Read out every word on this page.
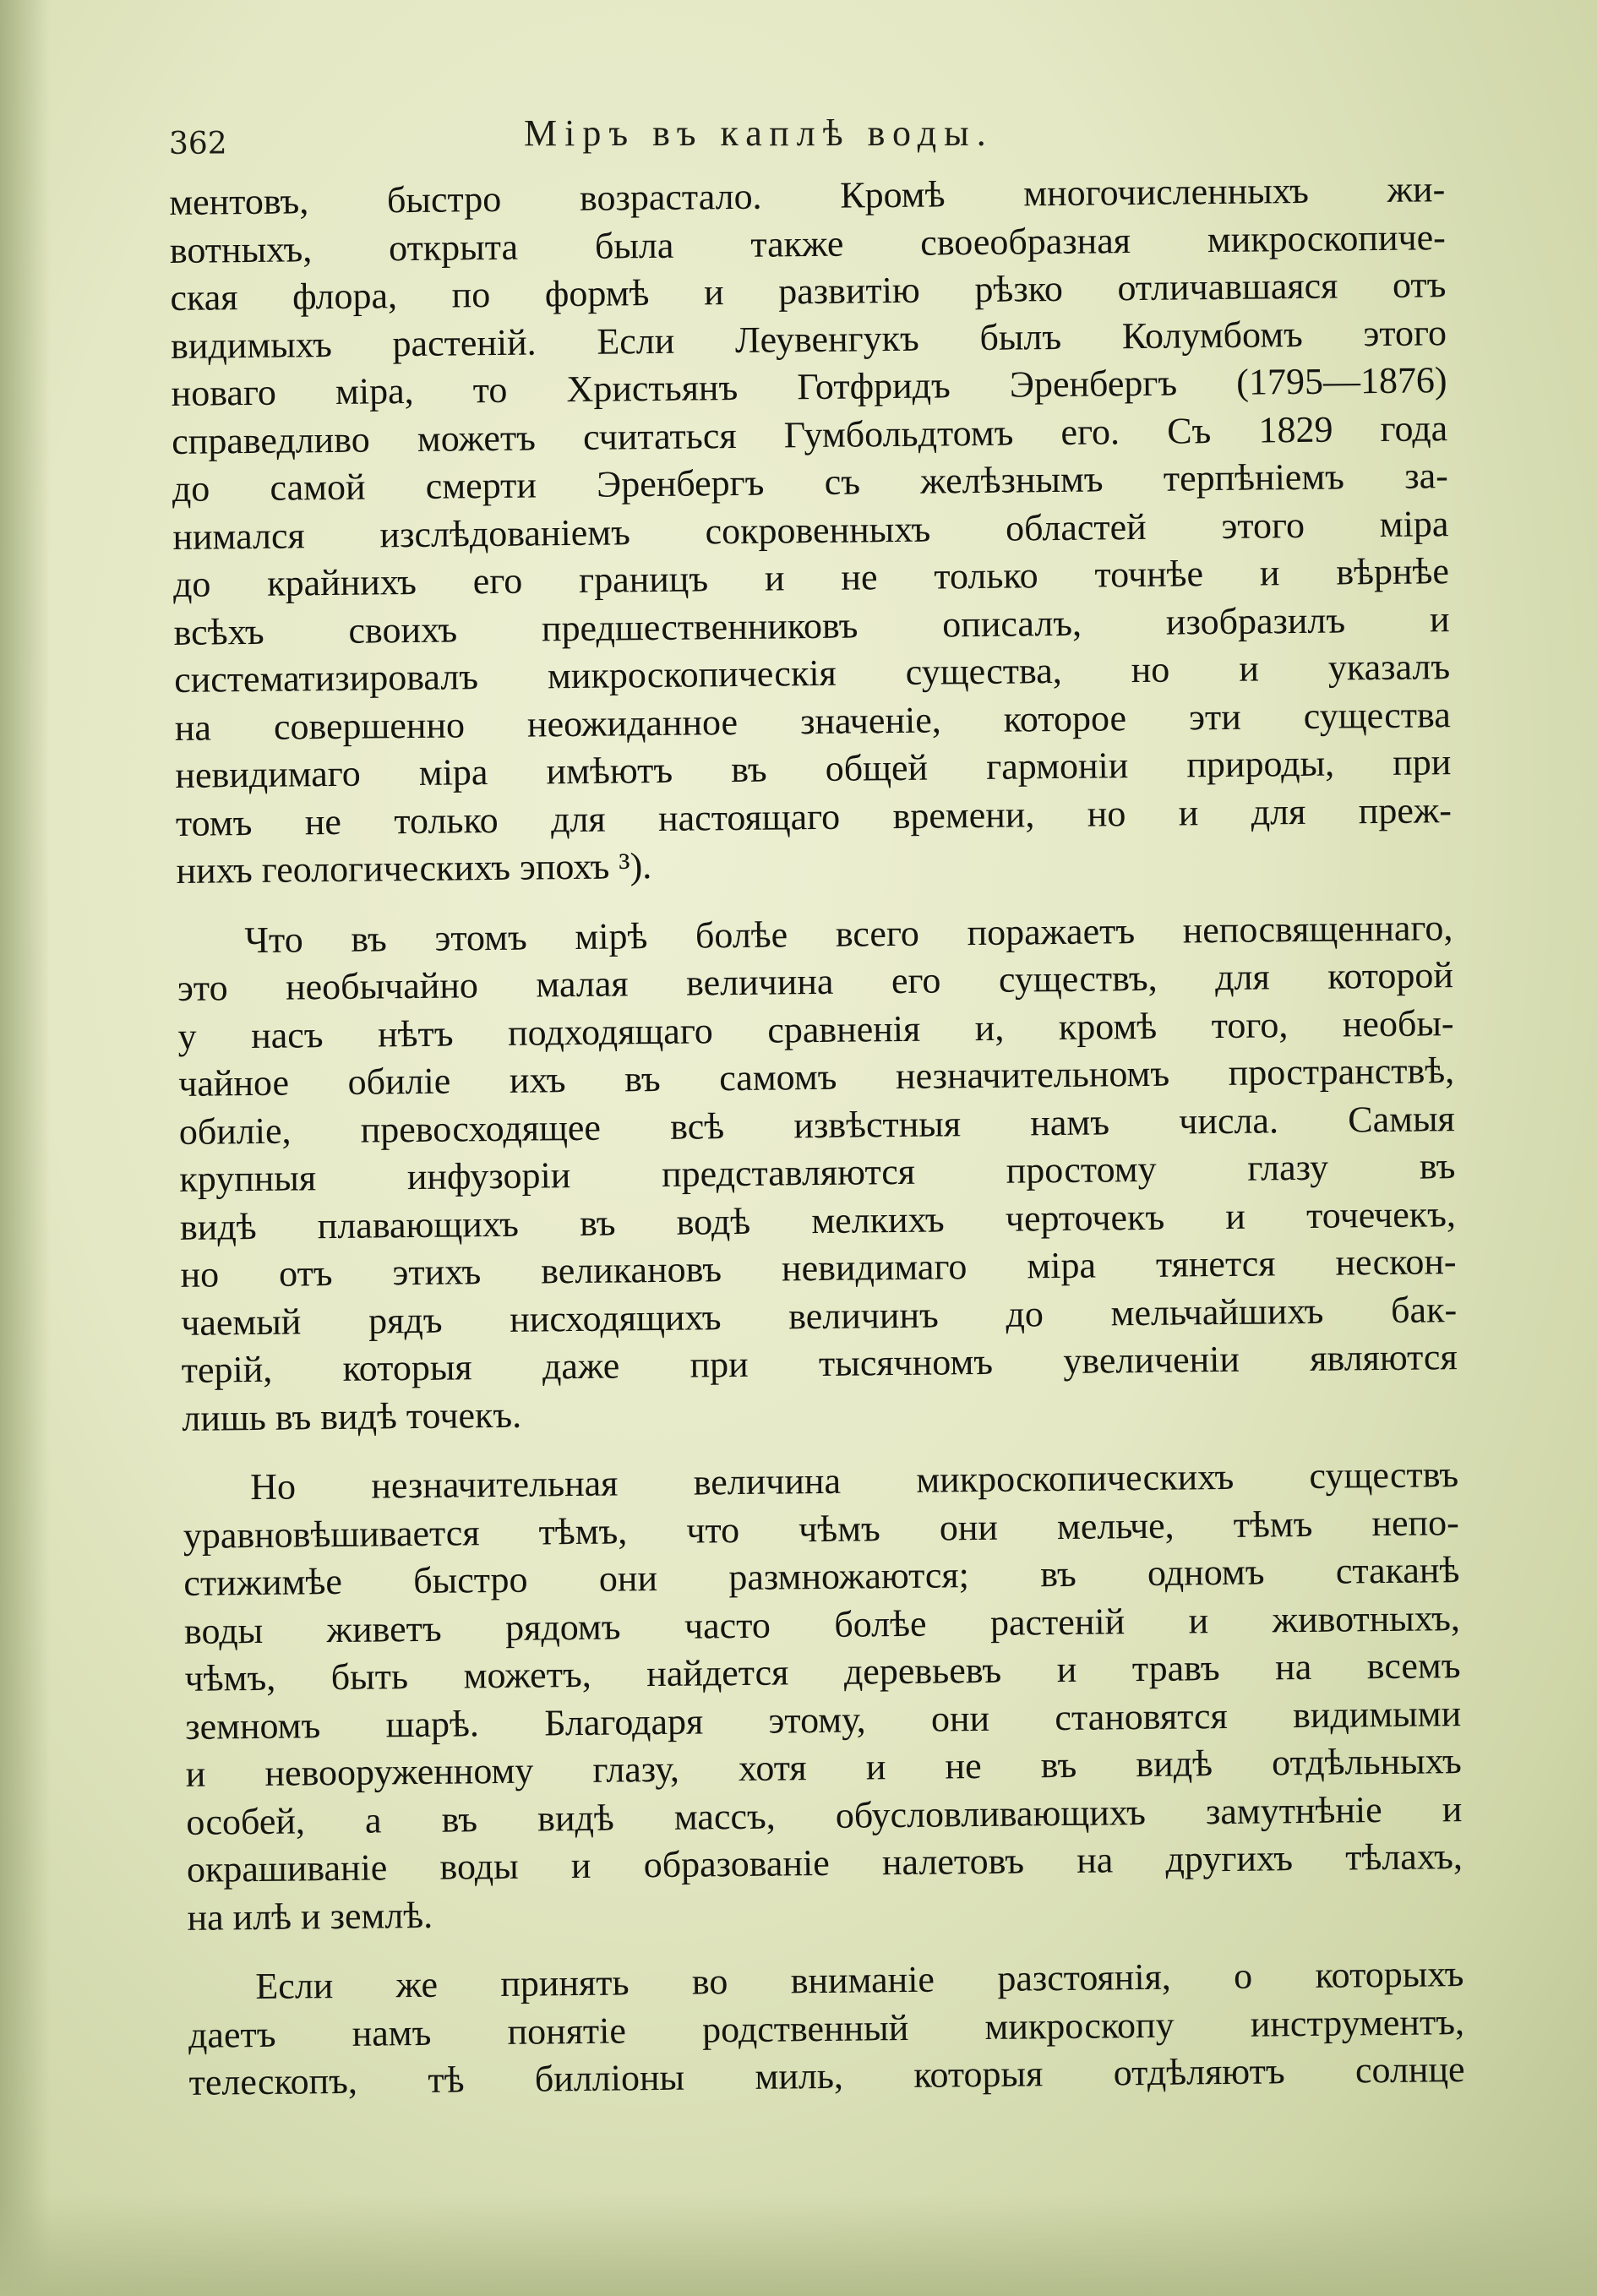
362	Міръ въ каплѣ воды.
ментовъ, быстро возрастало. Кромѣ многочисленныхъ жи-
вотныхъ, открыта была также своеобразная микроскопиче-
ская флора, по формѣ и развитію рѣзко отличавшаяся отъ
видимыхъ растеній. Если Леувенгукъ былъ Колумбомъ этого
новаго міра, то Христьянъ Готфридъ Эренбергъ (1795—1876)
справедливо можетъ считаться Гумбольдтомъ его. Съ 1829 года
до самой смерти Эренбергъ съ желѣзнымъ терпѣніемъ за-
нимался изслѣдованіемъ сокровенныхъ областей этого міра
до крайнихъ его границъ и не только точнѣе и вѣрнѣе
всѣхъ своихъ предшественниковъ описалъ, изобразилъ и
систематизировалъ микроскопическія существа, но и указалъ
на совершенно неожиданное значеніе, которое эти существа
невидимаго міра имѣютъ въ общей гармоніи природы, при
томъ не только для настоящаго времени, но и для преж-
нихъ геологическихъ эпохъ ³).
Что въ этомъ мірѣ болѣе всего поражаетъ непосвященнаго,
это необычайно малая величина его существъ, для которой
у насъ нѣтъ подходящаго сравненія и, кромѣ того, необы-
чайное обиліе ихъ въ самомъ незначительномъ пространствѣ,
обиліе, превосходящее всѣ извѣстныя намъ числа. Самыя
крупныя инфузоріи представляются простому глазу въ
видѣ плавающихъ въ водѣ мелкихъ черточекъ и точечекъ,
но отъ этихъ великановъ невидимаго міра тянется нескон-
чаемый рядъ нисходящихъ величинъ до мельчайшихъ бак-
терій, которыя даже при тысячномъ увеличеніи являются
лишь въ видѣ точекъ.
Но незначительная величина микроскопическихъ существъ
уравновѣшивается тѣмъ, что чѣмъ они мельче, тѣмъ непо-
стижимѣе быстро они размножаются; въ одномъ стаканѣ
воды живетъ рядомъ часто болѣе растеній и животныхъ,
чѣмъ, быть можетъ, найдется деревьевъ и травъ на всемъ
земномъ шарѣ. Благодаря этому, они становятся видимыми
и невооруженному глазу, хотя и не въ видѣ отдѣльныхъ
особей, а въ видѣ массъ, обусловливающихъ замутнѣніе и
окрашиваніе воды и образованіе налетовъ на другихъ тѣлахъ,
на илѣ и землѣ.
Если же принять во вниманіе разстоянія, о которыхъ
даетъ намъ понятіе родственный микроскопу инструментъ,
телескопъ, тѣ билліоны миль, которыя отдѣляютъ солнце
